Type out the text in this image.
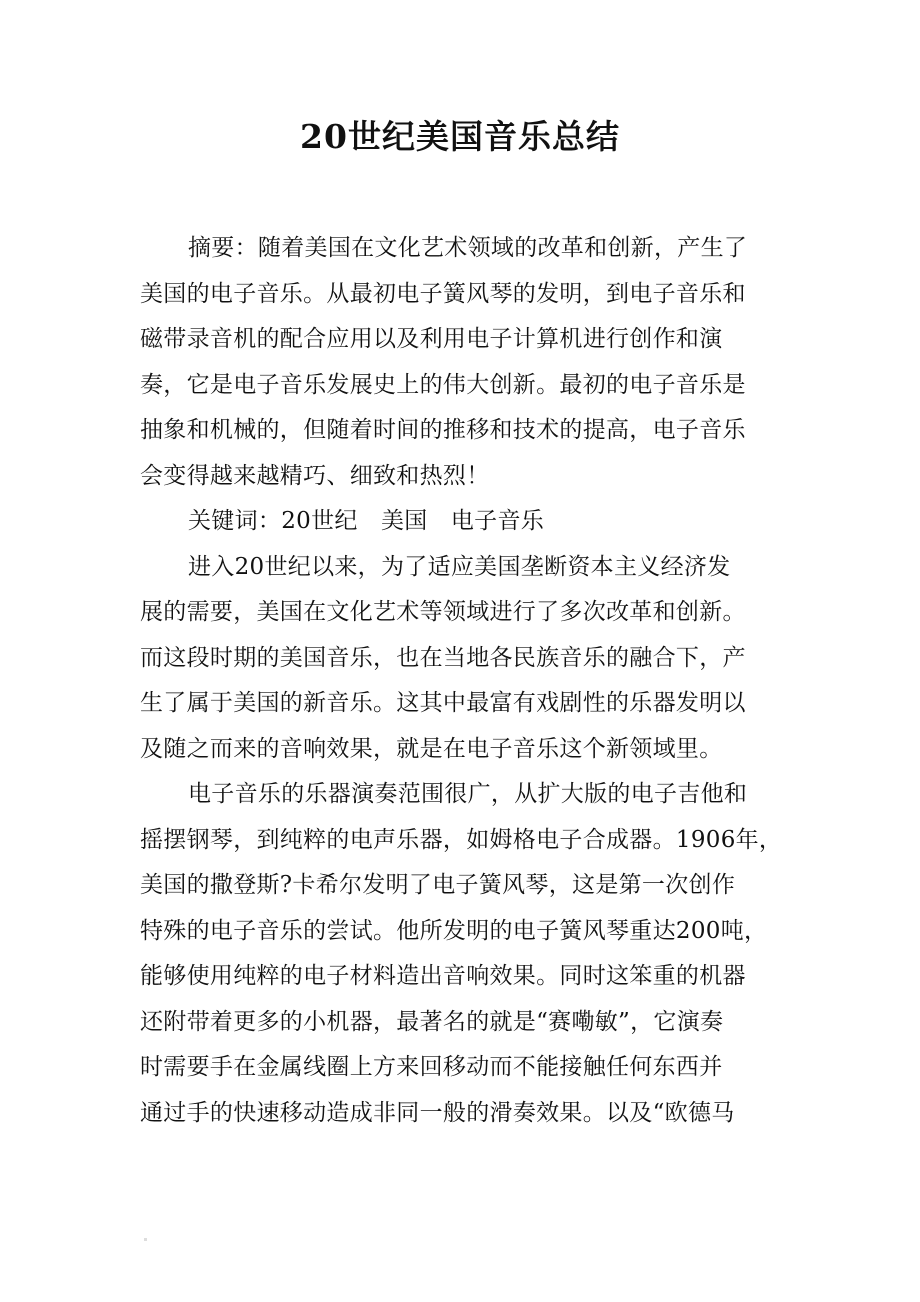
20世纪美国音乐总结
摘要：随着美国在文化艺术领域的改革和创新，产生了
美国的电子音乐。从最初电子簧风琴的发明，到电子音乐和
磁带录音机的配合应用以及利用电子计算机进行创作和演
奏，它是电子音乐发展史上的伟大创新。最初的电子音乐是
抽象和机械的，但随着时间的推移和技术的提高，电子音乐
会变得越来越精巧、细致和热烈！
关键词：20世纪　美国　电子音乐
进入20世纪以来，为了适应美国垄断资本主义经济发
展的需要，美国在文化艺术等领域进行了多次改革和创新。
而这段时期的美国音乐，也在当地各民族音乐的融合下，产
生了属于美国的新音乐。这其中最富有戏剧性的乐器发明以
及随之而来的音响效果，就是在电子音乐这个新领域里。
电子音乐的乐器演奏范围很广，从扩大版的电子吉他和
摇摆钢琴，到纯粹的电声乐器，如姆格电子合成器。1906年，
美国的撒登斯?卡希尔发明了电子簧风琴，这是第一次创作
特殊的电子音乐的尝试。他所发明的电子簧风琴重达200吨，
能够使用纯粹的电子材料造出音响效果。同时这笨重的机器
还附带着更多的小机器，最著名的就是“赛嘞敏”，它演奏
时需要手在金属线圈上方来回移动而不能接触任何东西并
通过手的快速移动造成非同一般的滑奏效果。以及“欧德马
